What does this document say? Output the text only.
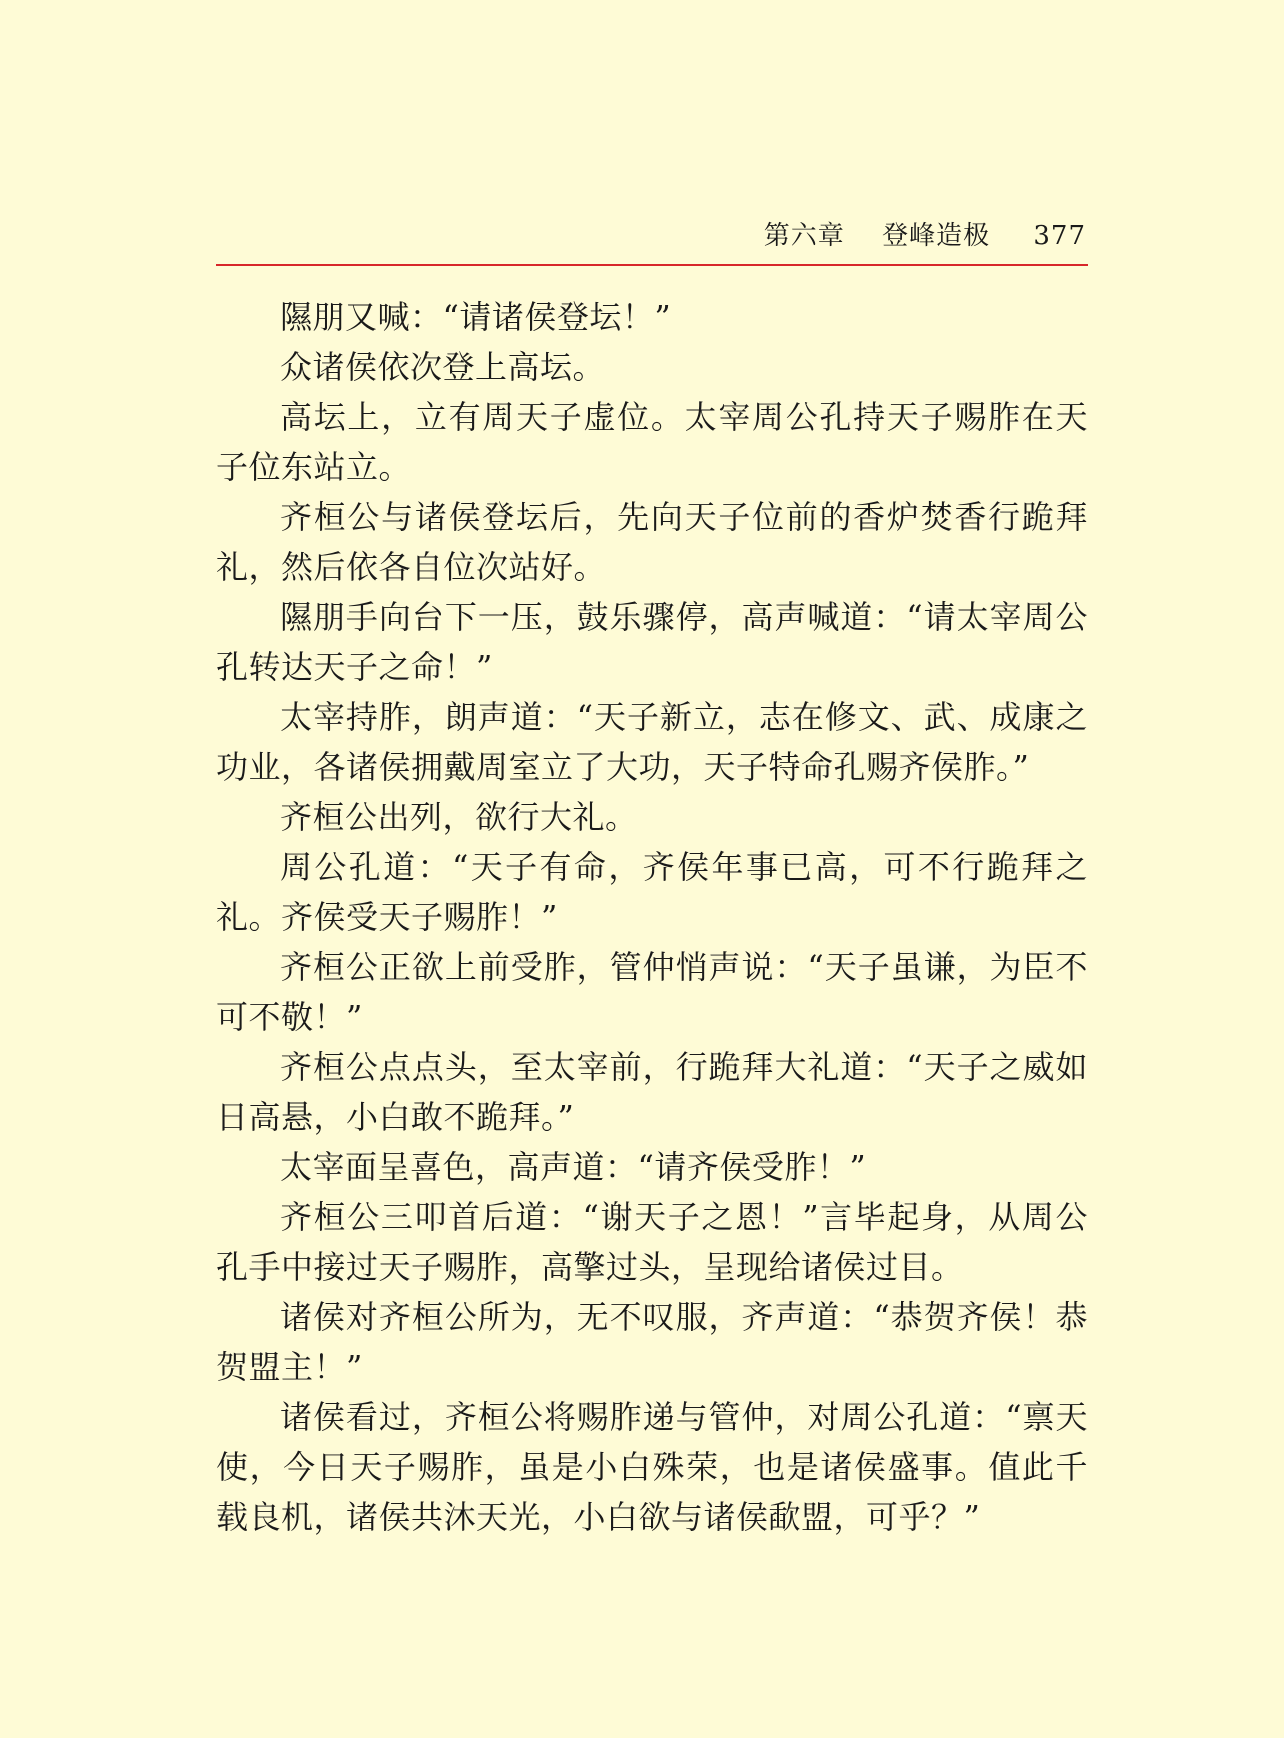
第六章 登峰造极 377

隰朋又喊：“请诸侯登坛！”

众诸侯依次登上高坛。

高坛上，立有周天子虚位。太宰周公孔持天子赐胙在天子位东站立。

齐桓公与诸侯登坛后，先向天子位前的香炉焚香行跪拜礼，然后依各自位次站好。

隰朋手向台下一压，鼓乐骤停，高声喊道：“请太宰周公孔转达天子之命！”

太宰持胙，朗声道：“天子新立，志在修文、武、成康之功业，各诸侯拥戴周室立了大功，天子特命孔赐齐侯胙。”

齐桓公出列，欲行大礼。

周公孔道：“天子有命，齐侯年事已高，可不行跪拜之礼。齐侯受天子赐胙！”

齐桓公正欲上前受胙，管仲悄声说：“天子虽谦，为臣不可不敬！”

齐桓公点点头，至太宰前，行跪拜大礼道：“天子之威如日高悬，小白敢不跪拜。”

太宰面呈喜色，高声道：“请齐侯受胙！”

齐桓公三叩首后道：“谢天子之恩！”言毕起身，从周公孔手中接过天子赐胙，高擎过头，呈现给诸侯过目。

诸侯对齐桓公所为，无不叹服，齐声道：“恭贺齐侯！恭贺盟主！”

诸侯看过，齐桓公将赐胙递与管仲，对周公孔道：“禀天使，今日天子赐胙，虽是小白殊荣，也是诸侯盛事。值此千载良机，诸侯共沐天光，小白欲与诸侯歃盟，可乎？”
